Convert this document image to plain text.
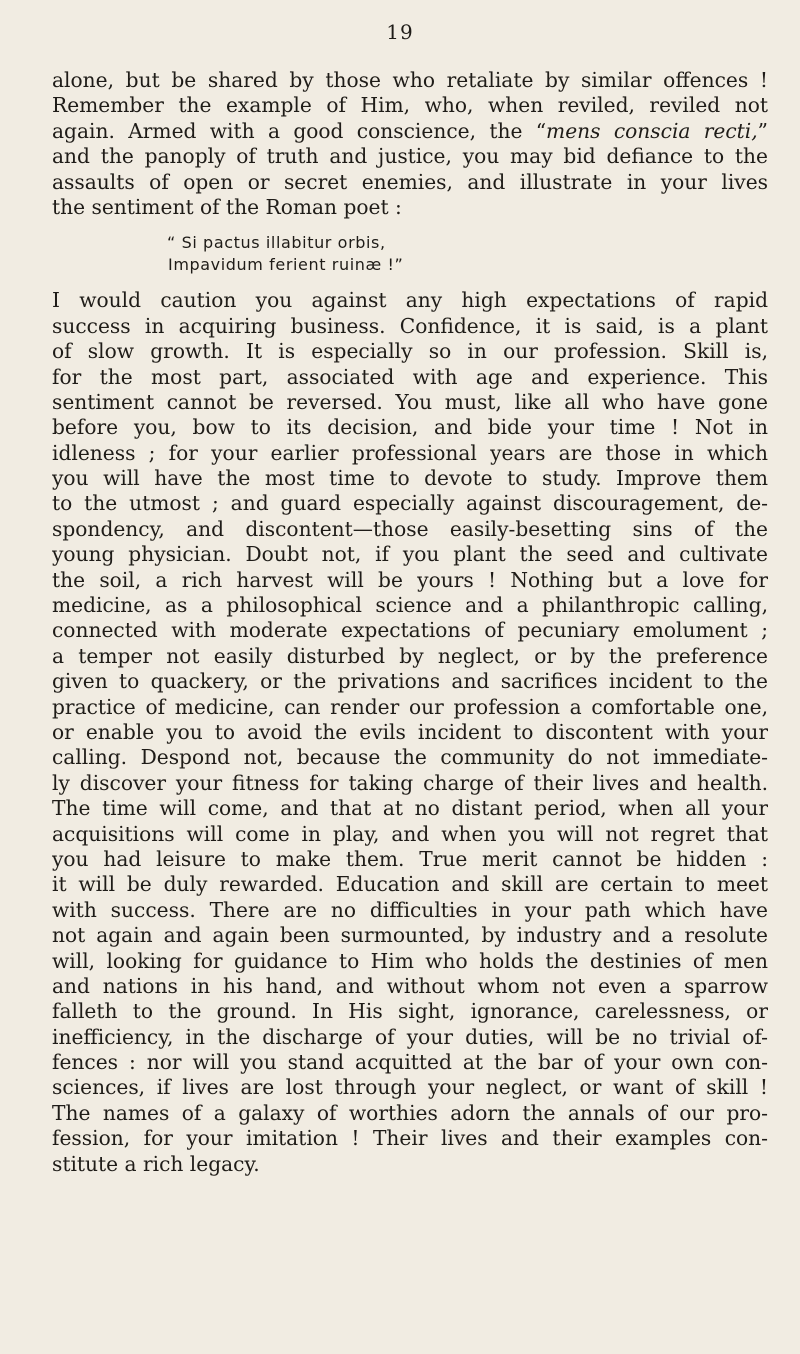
19
alone, but be shared by those who retaliate by similar offences !
Remember the example of Him, who, when reviled, reviled not
again. Armed with a good conscience, the “mens conscia recti,”
and the panoply of truth and justice, you may bid defiance to the
assaults of open or secret enemies, and illustrate in your lives
the sentiment of the Roman poet :
“ Si pactus illabitur orbis,
Impavidum ferient ruinæ !”
I would caution you against any high expectations of rapid
success in acquiring business. Confidence, it is said, is a plant
of slow growth. It is especially so in our profession. Skill is,
for the most part, associated with age and experience. This
sentiment cannot be reversed. You must, like all who have gone
before you, bow to its decision, and bide your time ! Not in
idleness ; for your earlier professional years are those in which
you will have the most time to devote to study. Improve them
to the utmost ; and guard especially against discouragement, de-
spondency, and discontent—those easily-besetting sins of the
young physician. Doubt not, if you plant the seed and cultivate
the soil, a rich harvest will be yours ! Nothing but a love for
medicine, as a philosophical science and a philanthropic calling,
connected with moderate expectations of pecuniary emolument ;
a temper not easily disturbed by neglect, or by the preference
given to quackery, or the privations and sacrifices incident to the
practice of medicine, can render our profession a comfortable one,
or enable you to avoid the evils incident to discontent with your
calling. Despond not, because the community do not immediate-
ly discover your fitness for taking charge of their lives and health.
The time will come, and that at no distant period, when all your
acquisitions will come in play, and when you will not regret that
you had leisure to make them. True merit cannot be hidden :
it will be duly rewarded. Education and skill are certain to meet
with success. There are no difficulties in your path which have
not again and again been surmounted, by industry and a resolute
will, looking for guidance to Him who holds the destinies of men
and nations in his hand, and without whom not even a sparrow
falleth to the ground. In His sight, ignorance, carelessness, or
inefficiency, in the discharge of your duties, will be no trivial of-
fences : nor will you stand acquitted at the bar of your own con-
sciences, if lives are lost through your neglect, or want of skill !
The names of a galaxy of worthies adorn the annals of our pro-
fession, for your imitation ! Their lives and their examples con-
stitute a rich legacy.
